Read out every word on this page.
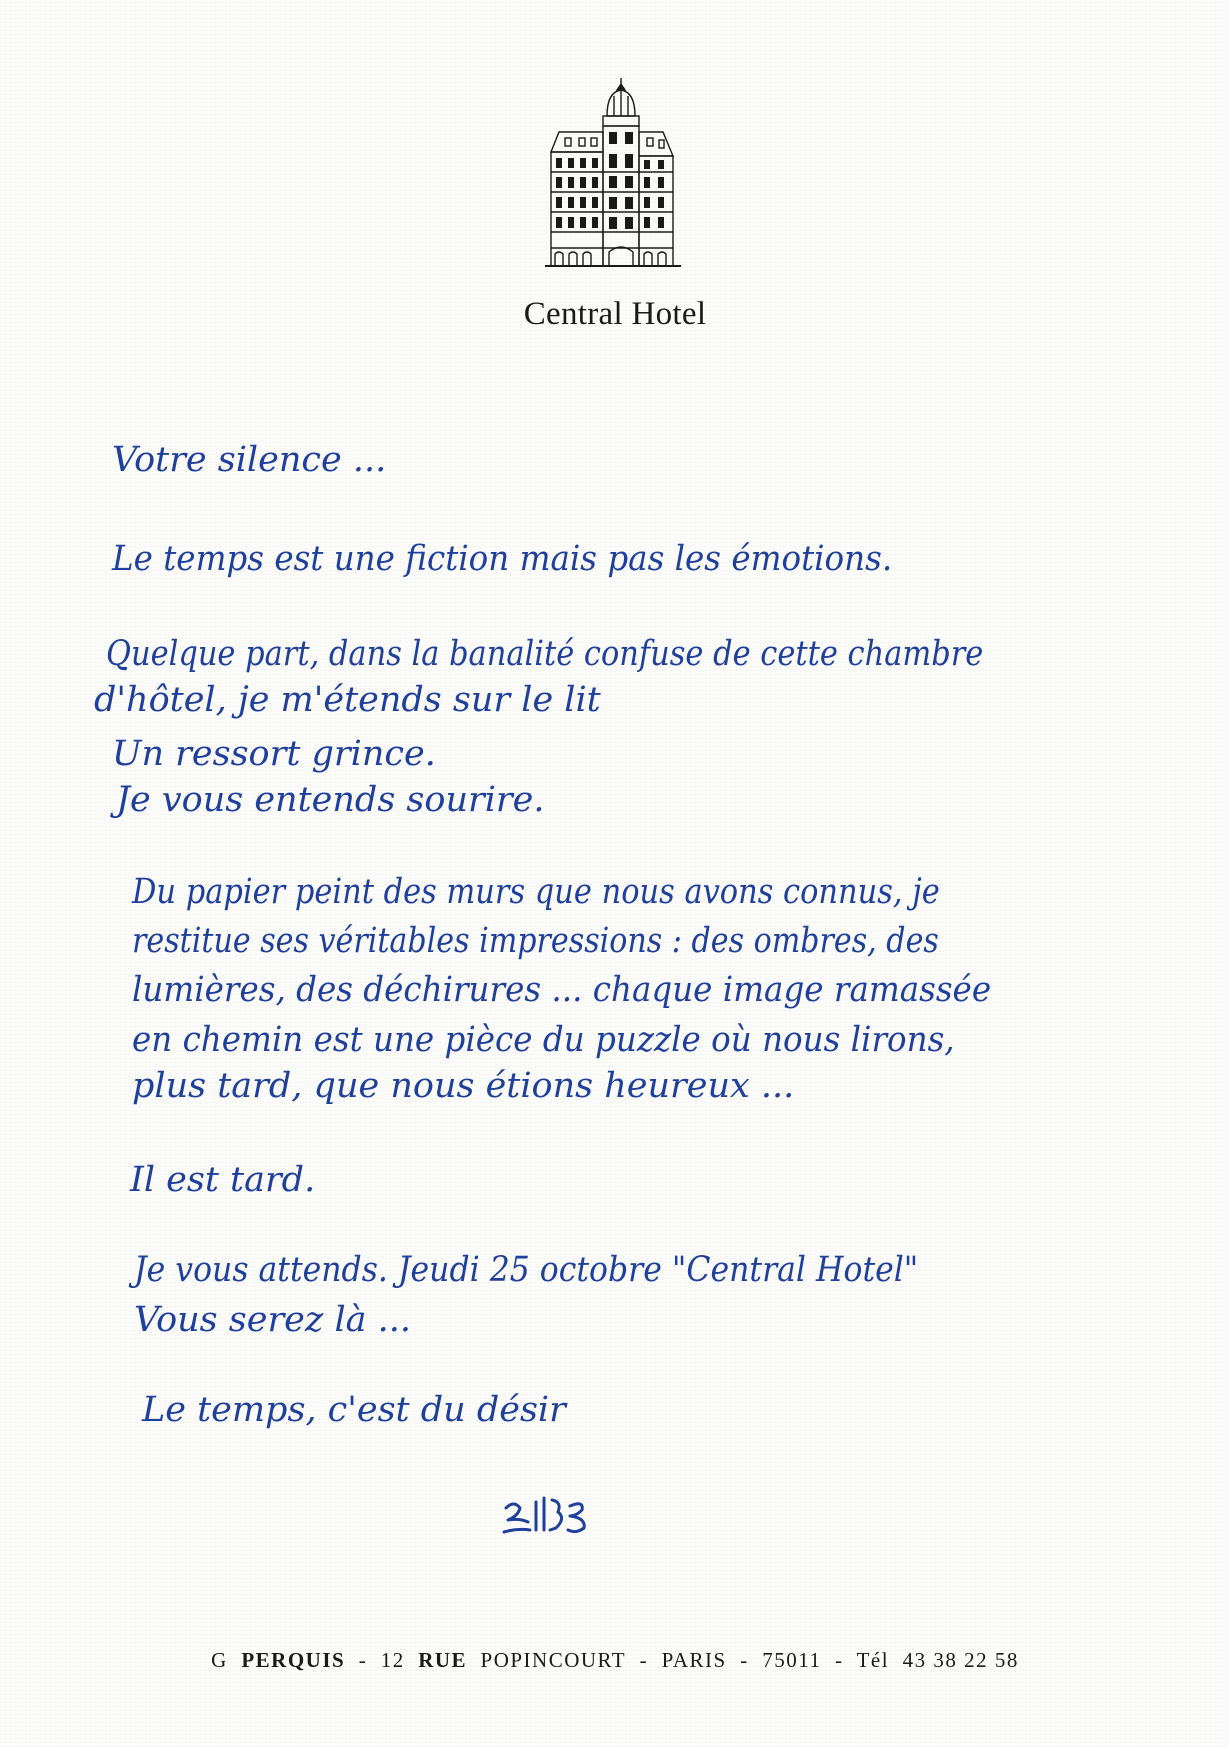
Central Hotel
Votre silence ...
Le temps est une fiction mais pas les émotions.
Quelque part, dans la banalité confuse de cette chambre
d'hôtel, je m'étends sur le lit
Un ressort grince.
Je vous entends sourire.
Du papier peint des murs que nous avons connus, je
restitue ses véritables impressions : des ombres, des
lumières, des déchirures ... chaque image ramassée
en chemin est une pièce du puzzle où nous lirons,
plus tard, que nous étions heureux ...
Il est tard.
Je vous attends. Jeudi 25 octobre "Central Hotel"
Vous serez là ...
Le temps, c'est du désir
G PERQUIS - 12 RUE POPINCOURT - PARIS - 75011 - Tél 43 38 22 58
